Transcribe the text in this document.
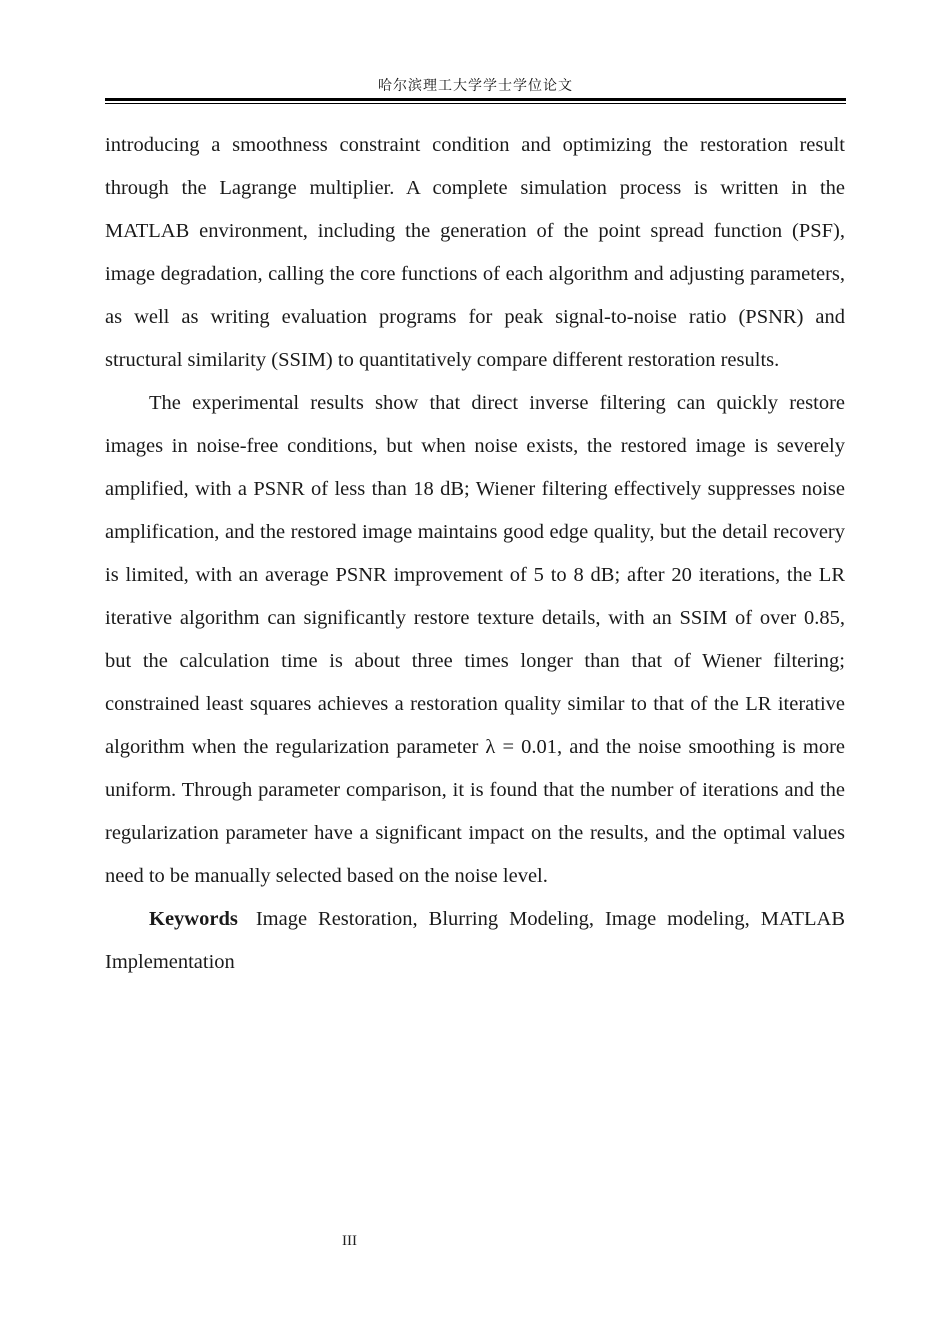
哈尔滨理工大学学士学位论文

introducing a smoothness constraint condition and optimizing the restoration result through the Lagrange multiplier. A complete simulation process is written in the MATLAB environment, including the generation of the point spread function (PSF), image degradation, calling the core functions of each algorithm and adjusting parameters, as well as writing evaluation programs for peak signal-to-noise ratio (PSNR) and structural similarity (SSIM) to quantitatively compare different restoration results.

The experimental results show that direct inverse filtering can quickly restore images in noise-free conditions, but when noise exists, the restored image is severely amplified, with a PSNR of less than 18 dB; Wiener filtering effectively suppresses noise amplification, and the restored image maintains good edge quality, but the detail recovery is limited, with an average PSNR improvement of 5 to 8 dB; after 20 iterations, the LR iterative algorithm can significantly restore texture details, with an SSIM of over 0.85, but the calculation time is about three times longer than that of Wiener filtering; constrained least squares achieves a restoration quality similar to that of the LR iterative algorithm when the regularization parameter λ = 0.01, and the noise smoothing is more uniform. Through parameter comparison, it is found that the number of iterations and the regularization parameter have a significant impact on the results, and the optimal values need to be manually selected based on the noise level.

Keywords Image Restoration, Blurring Modeling, Image modeling, MATLAB Implementation

III
